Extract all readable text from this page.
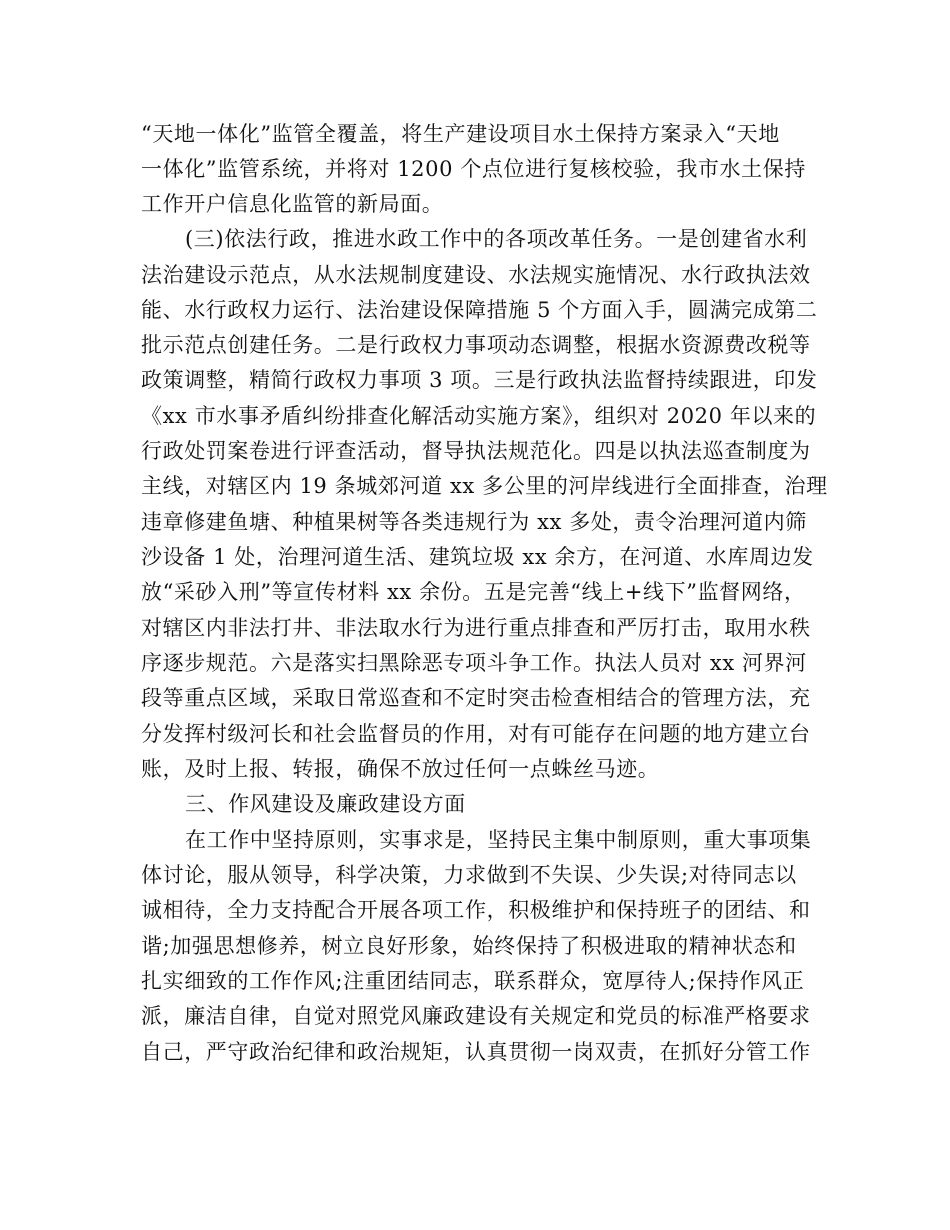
“天地一体化”监管全覆盖，将生产建设项目水土保持方案录入“天地
一体化”监管系统，并将对 1200 个点位进行复核校验，我市水土保持
工作开户信息化监管的新局面。
(三)依法行政，推进水政工作中的各项改革任务。一是创建省水利
法治建设示范点，从水法规制度建设、水法规实施情况、水行政执法效
能、水行政权力运行、法治建设保障措施 5 个方面入手，圆满完成第二
批示范点创建任务。二是行政权力事项动态调整，根据水资源费改税等
政策调整，精简行政权力事项 3 项。三是行政执法监督持续跟进，印发
《xx 市水事矛盾纠纷排查化解活动实施方案》，组织对 2020 年以来的
行政处罚案卷进行评查活动，督导执法规范化。四是以执法巡查制度为
主线，对辖区内 19 条城郊河道 xx 多公里的河岸线进行全面排查，治理
违章修建鱼塘、种植果树等各类违规行为 xx 多处，责令治理河道内筛
沙设备 1 处，治理河道生活、建筑垃圾 xx 余方，在河道、水库周边发
放“采砂入刑”等宣传材料 xx 余份。五是完善“线上+线下”监督网络，
对辖区内非法打井、非法取水行为进行重点排查和严厉打击，取用水秩
序逐步规范。六是落实扫黑除恶专项斗争工作。执法人员对 xx 河界河
段等重点区域，采取日常巡查和不定时突击检查相结合的管理方法，充
分发挥村级河长和社会监督员的作用，对有可能存在问题的地方建立台
账，及时上报、转报，确保不放过任何一点蛛丝马迹。
三、作风建设及廉政建设方面
在工作中坚持原则，实事求是，坚持民主集中制原则，重大事项集
体讨论，服从领导，科学决策，力求做到不失误、少失误;对待同志以
诚相待，全力支持配合开展各项工作，积极维护和保持班子的团结、和
谐;加强思想修养，树立良好形象，始终保持了积极进取的精神状态和
扎实细致的工作作风;注重团结同志，联系群众，宽厚待人;保持作风正
派，廉洁自律，自觉对照党风廉政建设有关规定和党员的标准严格要求
自己，严守政治纪律和政治规矩，认真贯彻一岗双责，在抓好分管工作
